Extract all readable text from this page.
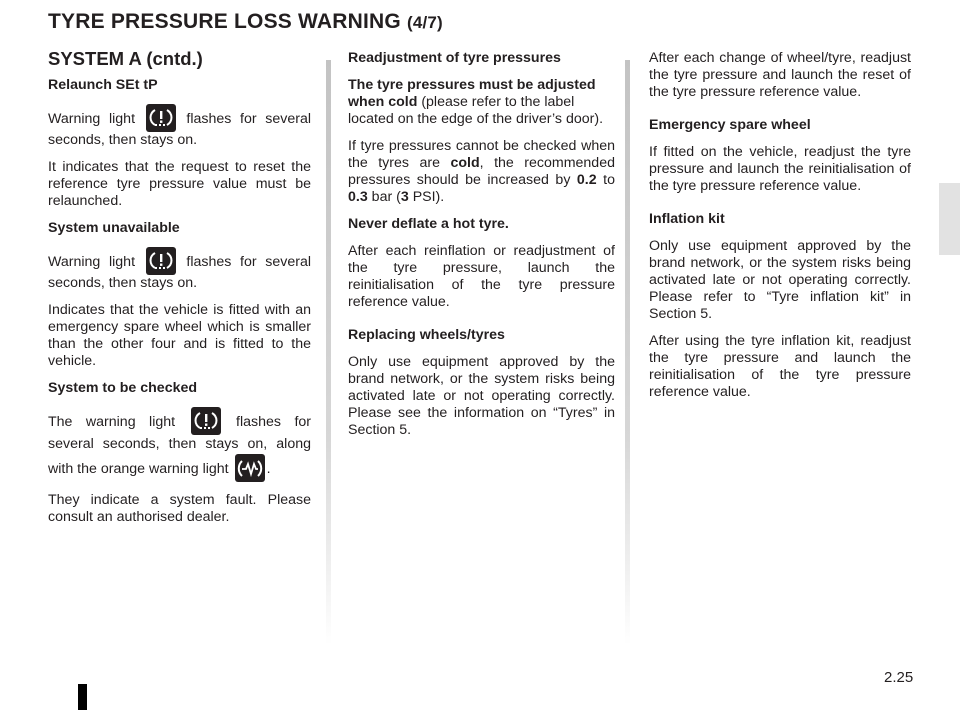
TYRE PRESSURE LOSS WARNING (4/7)

SYSTEM A (cntd.)

Relaunch SEt tP

Warning light	flashes for several seconds, then stays on.

It indicates that the request to reset the reference tyre pressure value must be relaunched.

System unavailable

Warning light	flashes for several seconds, then stays on.

Indicates that the vehicle is fitted with an emergency spare wheel which is smaller than the other four and is fitted to the vehicle.

System to be checked

The warning light	flashes for several seconds, then stays on, along with the orange warning light	.

They indicate a system fault. Please consult an authorised dealer.

Readjustment of tyre pressures

The tyre pressures must be adjusted when cold (please refer to the label located on the edge of the driver’s door).

If tyre pressures cannot be checked when the tyres are cold, the recommended pressures should be increased by 0.2 to 0.3 bar (3 PSI).

Never deflate a hot tyre.

After each reinflation or readjustment of the tyre pressure, launch the reinitialisation of the tyre pressure reference value.

Replacing wheels/tyres

Only use equipment approved by the brand network, or the system risks being activated late or not operating correctly. Please see the information on “Tyres” in Section 5.

After each change of wheel/tyre, readjust the tyre pressure and launch the reset of the tyre pressure reference value.

Emergency spare wheel

If fitted on the vehicle, readjust the tyre pressure and launch the reinitialisation of the tyre pressure reference value.

Inflation kit

Only use equipment approved by the brand network, or the system risks being activated late or not operating correctly. Please refer to “Tyre inflation kit” in Section 5.

After using the tyre inflation kit, readjust the tyre pressure and launch the reinitialisation of the tyre pressure reference value.

2.25
